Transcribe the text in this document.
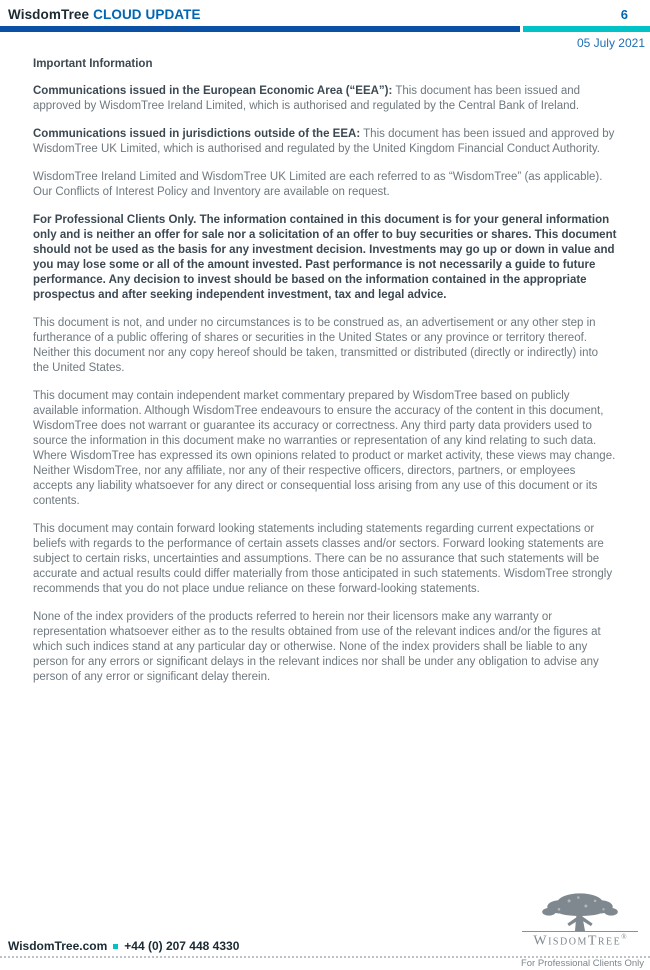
WisdomTree CLOUD UPDATE	6
05 July 2021
Important Information

Communications issued in the European Economic Area (“EEA”): This document has been issued and approved by WisdomTree Ireland Limited, which is authorised and regulated by the Central Bank of Ireland.

Communications issued in jurisdictions outside of the EEA: This document has been issued and approved by WisdomTree UK Limited, which is authorised and regulated by the United Kingdom Financial Conduct Authority.

WisdomTree Ireland Limited and WisdomTree UK Limited are each referred to as “WisdomTree” (as applicable). Our Conflicts of Interest Policy and Inventory are available on request.

For Professional Clients Only. The information contained in this document is for your general information only and is neither an offer for sale nor a solicitation of an offer to buy securities or shares. This document should not be used as the basis for any investment decision. Investments may go up or down in value and you may lose some or all of the amount invested. Past performance is not necessarily a guide to future performance. Any decision to invest should be based on the information contained in the appropriate prospectus and after seeking independent investment, tax and legal advice.

This document is not, and under no circumstances is to be construed as, an advertisement or any other step in furtherance of a public offering of shares or securities in the United States or any province or territory thereof. Neither this document nor any copy hereof should be taken, transmitted or distributed (directly or indirectly) into the United States.

This document may contain independent market commentary prepared by WisdomTree based on publicly available information. Although WisdomTree endeavours to ensure the accuracy of the content in this document, WisdomTree does not warrant or guarantee its accuracy or correctness. Any third party data providers used to source the information in this document make no warranties or representation of any kind relating to such data. Where WisdomTree has expressed its own opinions related to product or market activity, these views may change. Neither WisdomTree, nor any affiliate, nor any of their respective officers, directors, partners, or employees accepts any liability whatsoever for any direct or consequential loss arising from any use of this document or its contents.

This document may contain forward looking statements including statements regarding current expectations or beliefs with regards to the performance of certain assets classes and/or sectors. Forward looking statements are subject to certain risks, uncertainties and assumptions. There can be no assurance that such statements will be accurate and actual results could differ materially from those anticipated in such statements. WisdomTree strongly recommends that you do not place undue reliance on these forward-looking statements.

None of the index providers of the products referred to herein nor their licensors make any warranty or representation whatsoever either as to the results obtained from use of the relevant indices and/or the figures at which such indices stand at any particular day or otherwise. None of the index providers shall be liable to any person for any errors or significant delays in the relevant indices nor shall be under any obligation to advise any person of any error or significant delay therein.

WisdomTree.com +44 (0) 207 448 4330	WisdomTree®
For Professional Clients Only
